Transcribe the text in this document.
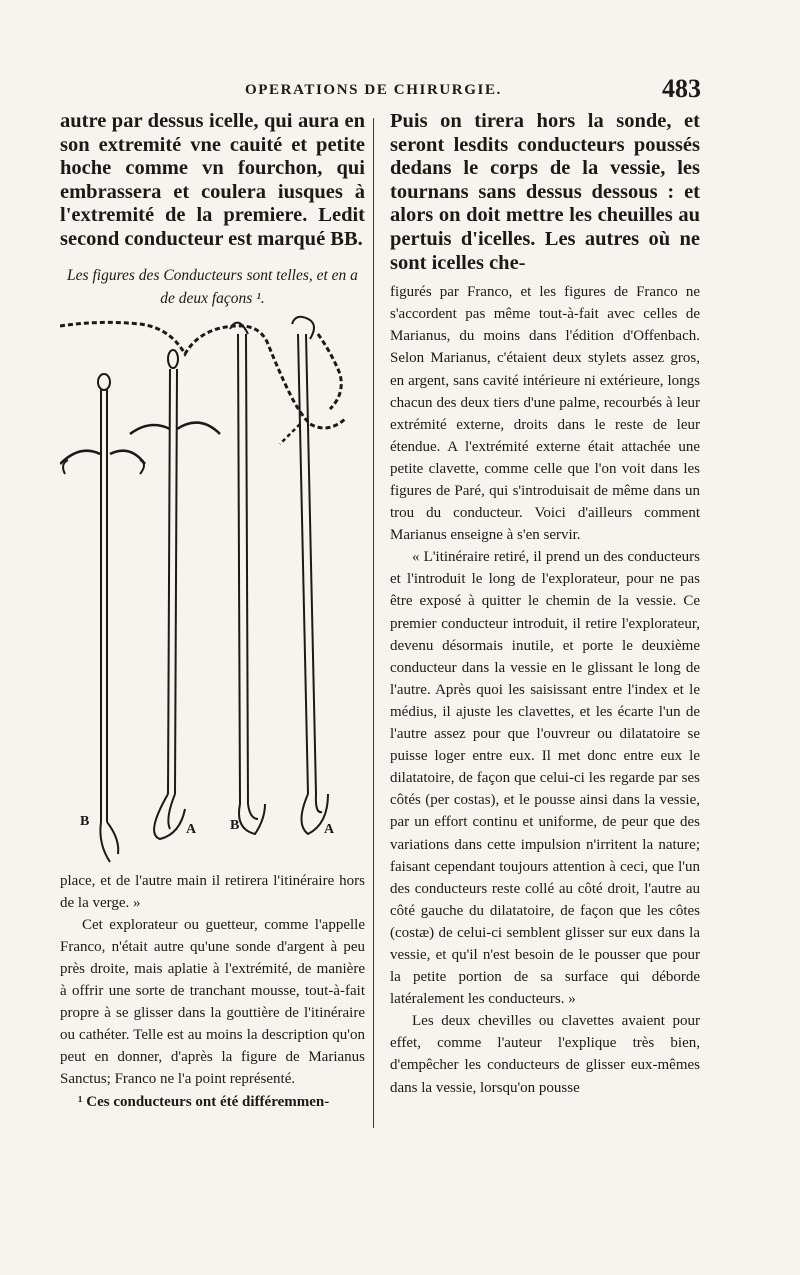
OPERATIONS DE CHIRURGIE.	483

autre par dessus icelle, qui aura en son extremité vne cauité et petite hoche comme vn fourchon, qui embrassera et coulera iusques à l'extremité de la premiere. Ledit second conducteur est marqué BB.

Les figures des Conducteurs sont telles, et en a de deux façons ¹.

B
A B	A

place, et de l'autre main il retirera l'itinéraire hors de la verge. »

Cet explorateur ou guetteur, comme l'appelle Franco, n'était autre qu'une sonde d'argent à peu près droite, mais aplatie à l'extrémité, de manière à offrir une sorte de tranchant mousse, tout-à-fait propre à se glisser dans la gouttière de l'itinéraire ou cathéter. Telle est au moins la description qu'on peut en donner, d'après la figure de Marianus Sanctus; Franco ne l'a point représenté.

¹ Ces conducteurs ont été différemmen-

Puis on tirera hors la sonde, et seront lesdits conducteurs poussés dedans le corps de la vessie, les tournans sans dessus dessous : et alors on doit mettre les cheuilles au pertuis d'icelles. Les autres où ne sont icelles che-

figurés par Franco, et les figures de Franco ne s'accordent pas même tout-à-fait avec celles de Marianus, du moins dans l'édition d'Offenbach. Selon Marianus, c'étaient deux stylets assez gros, en argent, sans cavité intérieure ni extérieure, longs chacun des deux tiers d'une palme, recourbés à leur extrémité externe, droits dans le reste de leur étendue. A l'extrémité externe était attachée une petite clavette, comme celle que l'on voit dans les figures de Paré, qui s'introduisait de même dans un trou du conducteur. Voici d'ailleurs comment Marianus enseigne à s'en servir.

« L'itinéraire retiré, il prend un des conducteurs et l'introduit le long de l'explorateur, pour ne pas être exposé à quitter le chemin de la vessie. Ce premier conducteur introduit, il retire l'explorateur, devenu désormais inutile, et porte le deuxième conducteur dans la vessie en le glissant le long de l'autre. Après quoi les saisissant entre l'index et le médius, il ajuste les clavettes, et les écarte l'un de l'autre assez pour que l'ouvreur ou dilatatoire se puisse loger entre eux. Il met donc entre eux le dilatatoire, de façon que celui-ci les regarde par ses côtés (per costas), et le pousse ainsi dans la vessie, par un effort continu et uniforme, de peur que des variations dans cette impulsion n'irritent la nature; faisant cependant toujours attention à ceci, que l'un des conducteurs reste collé au côté droit, l'autre au côté gauche du dilatatoire, de façon que les côtes (costæ) de celui-ci semblent glisser sur eux dans la vessie, et qu'il n'est besoin de le pousser que pour la petite portion de sa surface qui déborde latéralement les conducteurs. »

Les deux chevilles ou clavettes avaient pour effet, comme l'auteur l'explique très bien, d'empêcher les conducteurs de glisser eux-mêmes dans la vessie, lorsqu'on pousse
